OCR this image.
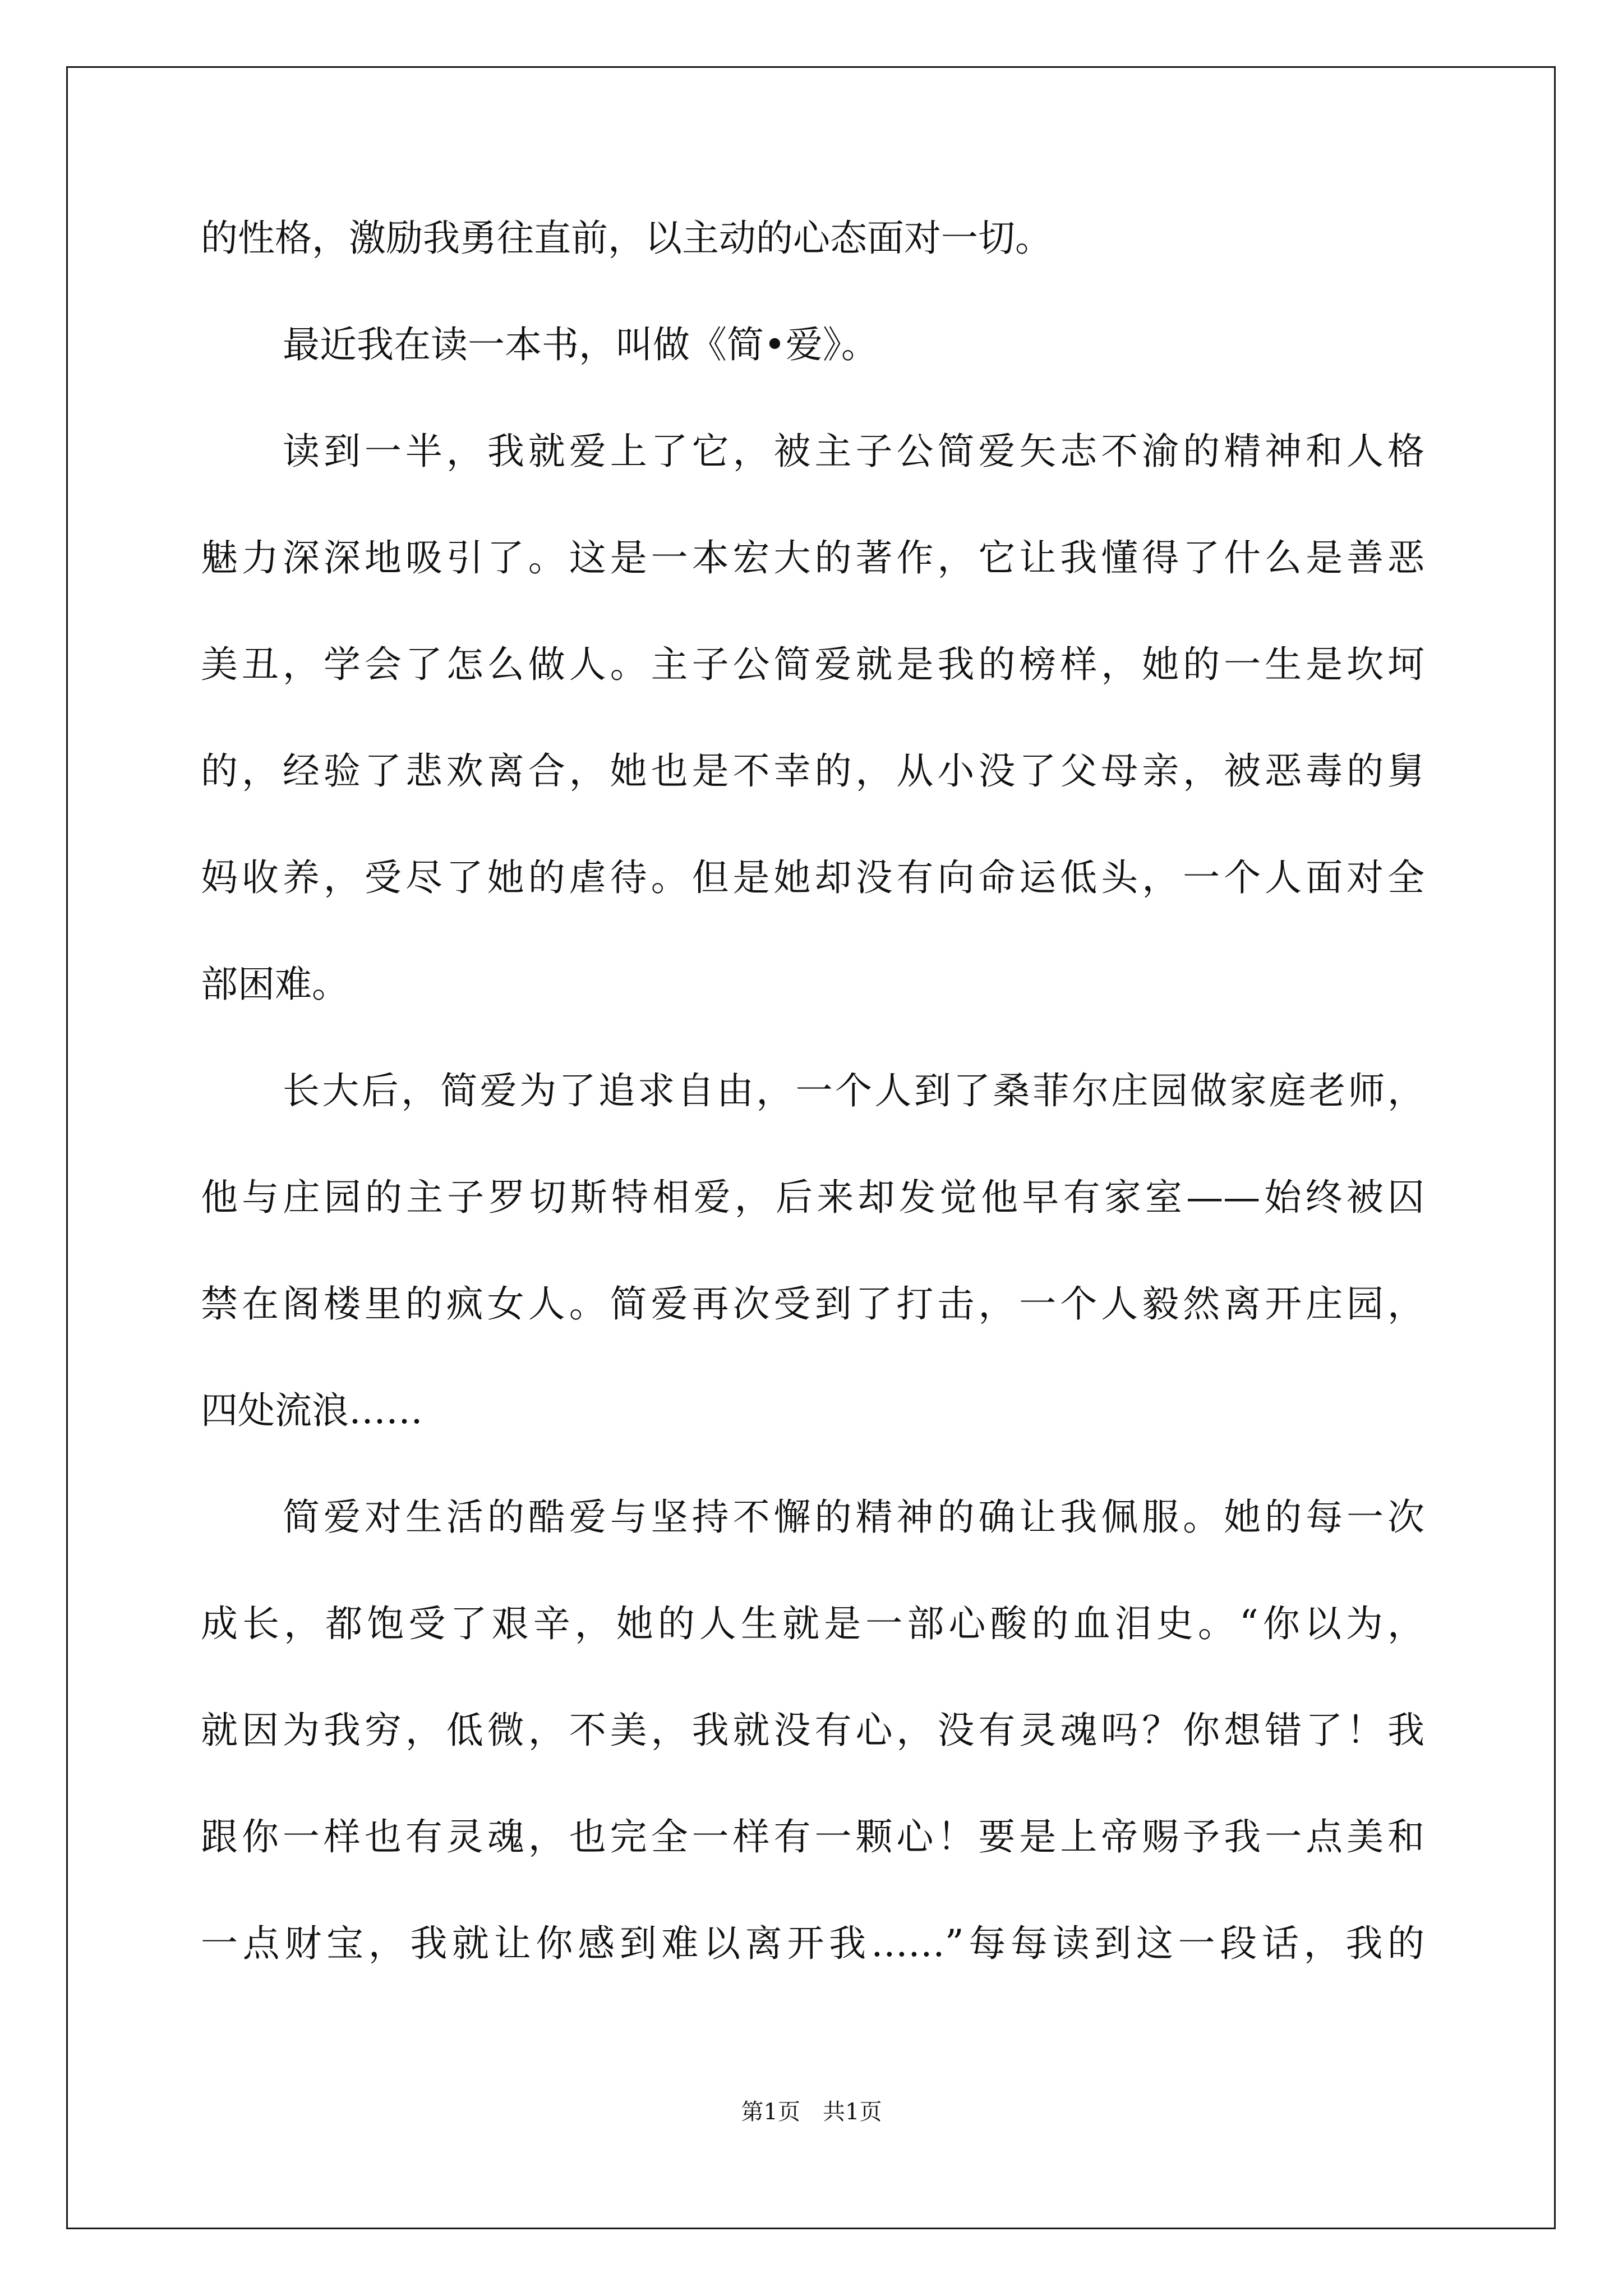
的性格，激励我勇往直前，以主动的心态面对一切。
最近我在读一本书，叫做《简•爱》。
读到一半，我就爱上了它，被主子公简爱矢志不渝的精神和人格
魅力深深地吸引了。这是一本宏大的著作，它让我懂得了什么是善恶
美丑，学会了怎么做人。主子公简爱就是我的榜样，她的一生是坎坷
的，经验了悲欢离合，她也是不幸的，从小没了父母亲，被恶毒的舅
妈收养，受尽了她的虐待。但是她却没有向命运低头，一个人面对全
部困难。
长大后，简爱为了追求自由，一个人到了桑菲尔庄园做家庭老师，
他与庄园的主子罗切斯特相爱，后来却发觉他早有家室——始终被囚
禁在阁楼里的疯女人。简爱再次受到了打击，一个人毅然离开庄园，
四处流浪……
简爱对生活的酷爱与坚持不懈的精神的确让我佩服。她的每一次
成长，都饱受了艰辛，她的人生就是一部心酸的血泪史。“你以为，
就因为我穷，低微，不美，我就没有心，没有灵魂吗？你想错了！我
跟你一样也有灵魂，也完全一样有一颗心！要是上帝赐予我一点美和
一点财宝，我就让你感到难以离开我……”每每读到这一段话，我的
第1页　共1页
